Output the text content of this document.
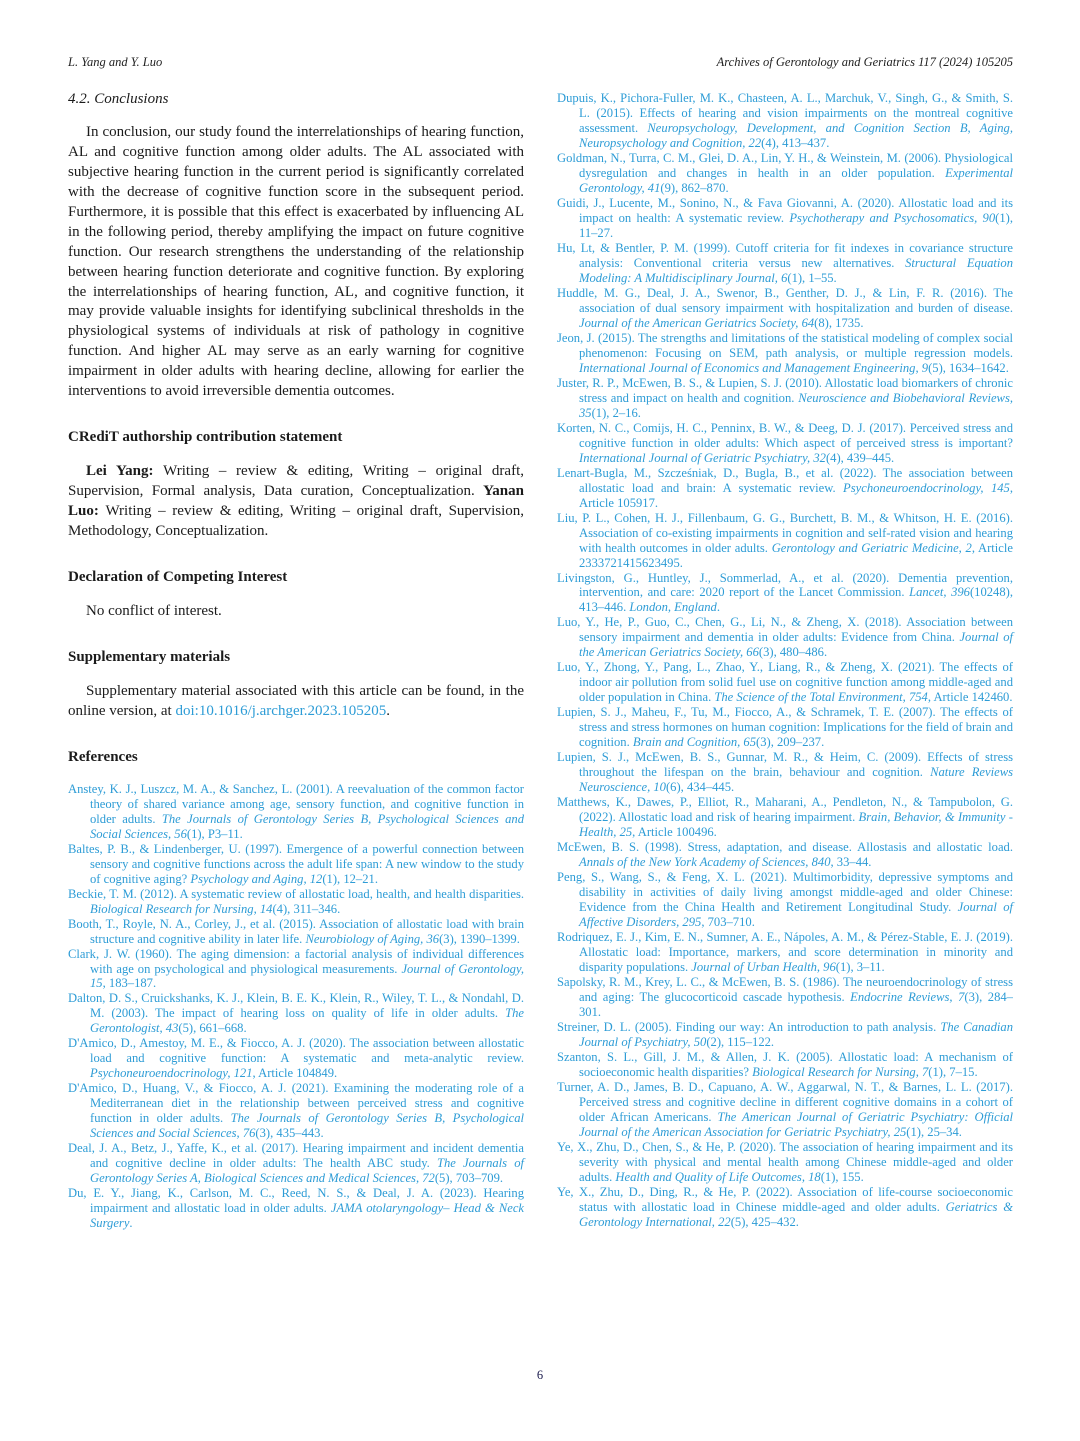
L. Yang and Y. Luo	Archives of Gerontology and Geriatrics 117 (2024) 105205
4.2. Conclusions

In conclusion, our study found the interrelationships of hearing function, AL and cognitive function among older adults. The AL associated with subjective hearing function in the current period is significantly correlated with the decrease of cognitive function score in the subsequent period. Furthermore, it is possible that this effect is exacerbated by influencing AL in the following period, thereby amplifying the impact on future cognitive function. Our research strengthens the understanding of the relationship between hearing function deteriorate and cognitive function. By exploring the interrelationships of hearing function, AL, and cognitive function, it may provide valuable insights for identifying subclinical thresholds in the physiological systems of individuals at risk of pathology in cognitive function. And higher AL may serve as an early warning for cognitive impairment in older adults with hearing decline, allowing for earlier the interventions to avoid irreversible dementia outcomes.

CRediT authorship contribution statement

Lei Yang: Writing – review & editing, Writing – original draft, Supervision, Formal analysis, Data curation, Conceptualization. Yanan Luo: Writing – review & editing, Writing – original draft, Supervision, Methodology, Conceptualization.

Declaration of Competing Interest

No conflict of interest.

Supplementary materials

Supplementary material associated with this article can be found, in the online version, at doi:10.1016/j.archger.2023.105205.

References

Anstey, K. J., Luszcz, M. A., & Sanchez, L. (2001). A reevaluation of the common factor theory of shared variance among age, sensory function, and cognitive function in older adults. The Journals of Gerontology Series B, Psychological Sciences and Social Sciences, 56(1), P3–11.

Baltes, P. B., & Lindenberger, U. (1997). Emergence of a powerful connection between sensory and cognitive functions across the adult life span: A new window to the study of cognitive aging? Psychology and Aging, 12(1), 12–21.

Beckie, T. M. (2012). A systematic review of allostatic load, health, and health disparities. Biological Research for Nursing, 14(4), 311–346.

Booth, T., Royle, N. A., Corley, J., et al. (2015). Association of allostatic load with brain structure and cognitive ability in later life. Neurobiology of Aging, 36(3), 1390–1399.

Clark, J. W. (1960). The aging dimension: a factorial analysis of individual differences with age on psychological and physiological measurements. Journal of Gerontology, 15, 183–187.

Dalton, D. S., Cruickshanks, K. J., Klein, B. E. K., Klein, R., Wiley, T. L., & Nondahl, D. M. (2003). The impact of hearing loss on quality of life in older adults. The Gerontologist, 43(5), 661–668.

D'Amico, D., Amestoy, M. E., & Fiocco, A. J. (2020). The association between allostatic load and cognitive function: A systematic and meta-analytic review. Psychoneuroendocrinology, 121, Article 104849.

D'Amico, D., Huang, V., & Fiocco, A. J. (2021). Examining the moderating role of a Mediterranean diet in the relationship between perceived stress and cognitive function in older adults. The Journals of Gerontology Series B, Psychological Sciences and Social Sciences, 76(3), 435–443.

Deal, J. A., Betz, J., Yaffe, K., et al. (2017). Hearing impairment and incident dementia and cognitive decline in older adults: The health ABC study. The Journals of Gerontology Series A, Biological Sciences and Medical Sciences, 72(5), 703–709.

Du, E. Y., Jiang, K., Carlson, M. C., Reed, N. S., & Deal, J. A. (2023). Hearing impairment and allostatic load in older adults. JAMA otolaryngology– Head & Neck Surgery.

Dupuis, K., Pichora-Fuller, M. K., Chasteen, A. L., Marchuk, V., Singh, G., & Smith, S. L. (2015). Effects of hearing and vision impairments on the montreal cognitive assessment. Neuropsychology, Development, and Cognition Section B, Aging, Neuropsychology and Cognition, 22(4), 413–437.

Goldman, N., Turra, C. M., Glei, D. A., Lin, Y. H., & Weinstein, M. (2006). Physiological dysregulation and changes in health in an older population. Experimental Gerontology, 41(9), 862–870.

Guidi, J., Lucente, M., Sonino, N., & Fava Giovanni, A. (2020). Allostatic load and its impact on health: A systematic review. Psychotherapy and Psychosomatics, 90(1), 11–27.

Hu, Lt, & Bentler, P. M. (1999). Cutoff criteria for fit indexes in covariance structure analysis: Conventional criteria versus new alternatives. Structural Equation Modeling: A Multidisciplinary Journal, 6(1), 1–55.

Huddle, M. G., Deal, J. A., Swenor, B., Genther, D. J., & Lin, F. R. (2016). The association of dual sensory impairment with hospitalization and burden of disease. Journal of the American Geriatrics Society, 64(8), 1735.

Jeon, J. (2015). The strengths and limitations of the statistical modeling of complex social phenomenon: Focusing on SEM, path analysis, or multiple regression models. International Journal of Economics and Management Engineering, 9(5), 1634–1642.

Juster, R. P., McEwen, B. S., & Lupien, S. J. (2010). Allostatic load biomarkers of chronic stress and impact on health and cognition. Neuroscience and Biobehavioral Reviews, 35(1), 2–16.

Korten, N. C., Comijs, H. C., Penninx, B. W., & Deeg, D. J. (2017). Perceived stress and cognitive function in older adults: Which aspect of perceived stress is important? International Journal of Geriatric Psychiatry, 32(4), 439–445.

Lenart-Bugla, M., Szcześniak, D., Bugla, B., et al. (2022). The association between allostatic load and brain: A systematic review. Psychoneuroendocrinology, 145, Article 105917.

Liu, P. L., Cohen, H. J., Fillenbaum, G. G., Burchett, B. M., & Whitson, H. E. (2016). Association of co-existing impairments in cognition and self-rated vision and hearing with health outcomes in older adults. Gerontology and Geriatric Medicine, 2, Article 2333721415623495.

Livingston, G., Huntley, J., Sommerlad, A., et al. (2020). Dementia prevention, intervention, and care: 2020 report of the Lancet Commission. Lancet, 396(10248), 413–446. London, England.

Luo, Y., He, P., Guo, C., Chen, G., Li, N., & Zheng, X. (2018). Association between sensory impairment and dementia in older adults: Evidence from China. Journal of the American Geriatrics Society, 66(3), 480–486.

Luo, Y., Zhong, Y., Pang, L., Zhao, Y., Liang, R., & Zheng, X. (2021). The effects of indoor air pollution from solid fuel use on cognitive function among middle-aged and older population in China. The Science of the Total Environment, 754, Article 142460.

Lupien, S. J., Maheu, F., Tu, M., Fiocco, A., & Schramek, T. E. (2007). The effects of stress and stress hormones on human cognition: Implications for the field of brain and cognition. Brain and Cognition, 65(3), 209–237.

Lupien, S. J., McEwen, B. S., Gunnar, M. R., & Heim, C. (2009). Effects of stress throughout the lifespan on the brain, behaviour and cognition. Nature Reviews Neuroscience, 10(6), 434–445.

Matthews, K., Dawes, P., Elliot, R., Maharani, A., Pendleton, N., & Tampubolon, G. (2022). Allostatic load and risk of hearing impairment. Brain, Behavior, & Immunity - Health, 25, Article 100496.

McEwen, B. S. (1998). Stress, adaptation, and disease. Allostasis and allostatic load. Annals of the New York Academy of Sciences, 840, 33–44.

Peng, S., Wang, S., & Feng, X. L. (2021). Multimorbidity, depressive symptoms and disability in activities of daily living amongst middle-aged and older Chinese: Evidence from the China Health and Retirement Longitudinal Study. Journal of Affective Disorders, 295, 703–710.

Rodriquez, E. J., Kim, E. N., Sumner, A. E., Nápoles, A. M., & Pérez-Stable, E. J. (2019). Allostatic load: Importance, markers, and score determination in minority and disparity populations. Journal of Urban Health, 96(1), 3–11.

Sapolsky, R. M., Krey, L. C., & McEwen, B. S. (1986). The neuroendocrinology of stress and aging: The glucocorticoid cascade hypothesis. Endocrine Reviews, 7(3), 284–301.

Streiner, D. L. (2005). Finding our way: An introduction to path analysis. The Canadian Journal of Psychiatry, 50(2), 115–122.

Szanton, S. L., Gill, J. M., & Allen, J. K. (2005). Allostatic load: A mechanism of socioeconomic health disparities? Biological Research for Nursing, 7(1), 7–15.

Turner, A. D., James, B. D., Capuano, A. W., Aggarwal, N. T., & Barnes, L. L. (2017). Perceived stress and cognitive decline in different cognitive domains in a cohort of older African Americans. The American Journal of Geriatric Psychiatry: Official Journal of the American Association for Geriatric Psychiatry, 25(1), 25–34.

Ye, X., Zhu, D., Chen, S., & He, P. (2020). The association of hearing impairment and its severity with physical and mental health among Chinese middle-aged and older adults. Health and Quality of Life Outcomes, 18(1), 155.

Ye, X., Zhu, D., Ding, R., & He, P. (2022). Association of life-course socioeconomic status with allostatic load in Chinese middle-aged and older adults. Geriatrics & Gerontology International, 22(5), 425–432.

6
